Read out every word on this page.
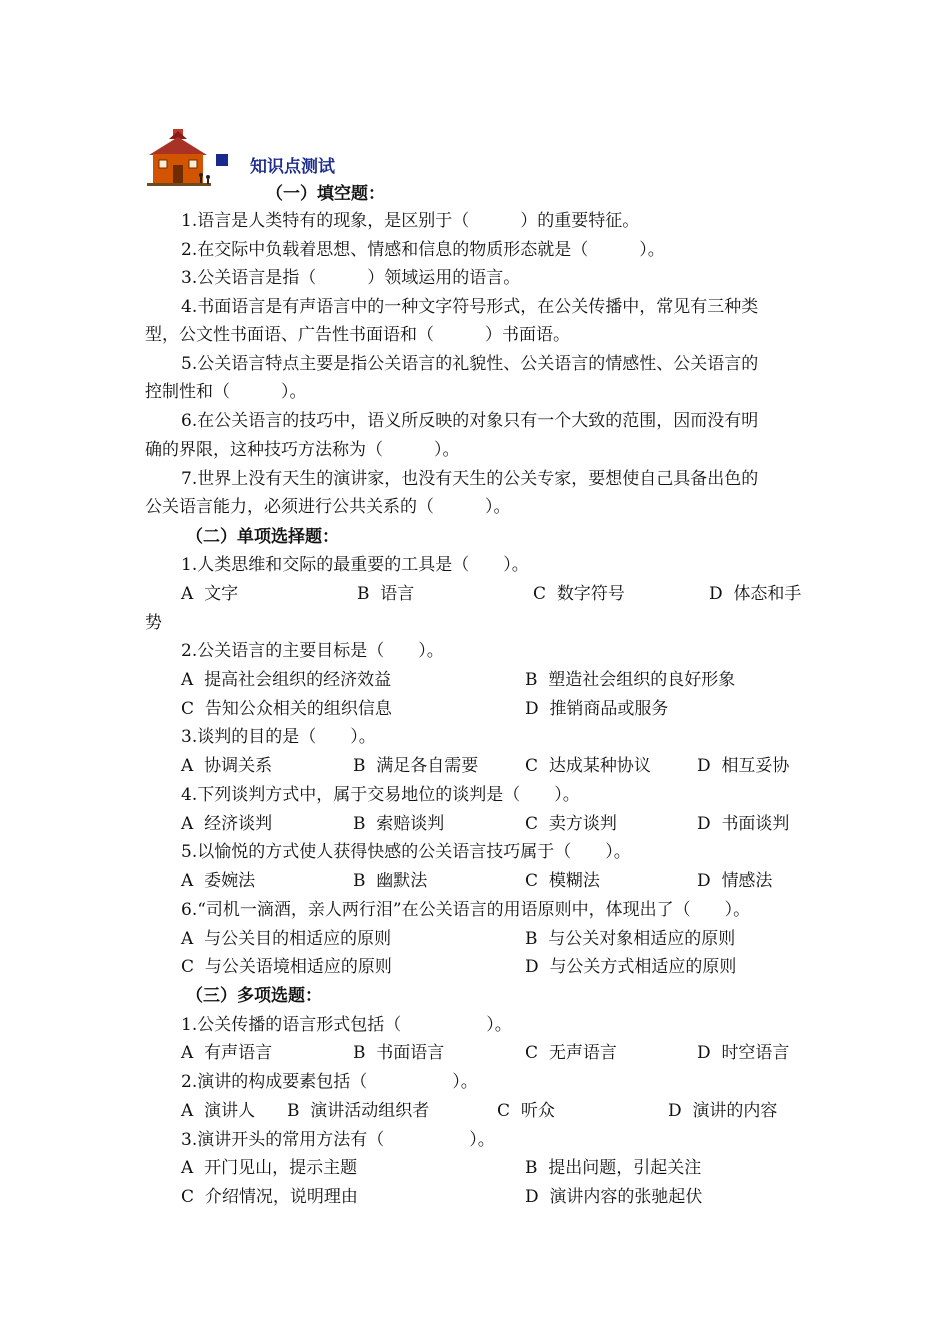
知识点测试
（一）填空题：
1.语言是人类特有的现象，是区别于（　　　）的重要特征。
2.在交际中负载着思想、情感和信息的物质形态就是（　　　）。
3.公关语言是指（　　　）领域运用的语言。
4.书面语言是有声语言中的一种文字符号形式，在公关传播中，常见有三种类
型，公文性书面语、广告性书面语和（　　　）书面语。
5.公关语言特点主要是指公关语言的礼貌性、公关语言的情感性、公关语言的
控制性和（　　　）。
6.在公关语言的技巧中，语义所反映的对象只有一个大致的范围，因而没有明
确的界限，这种技巧方法称为（　　　）。
7.世界上没有天生的演讲家，也没有天生的公关专家，要想使自己具备出色的
公关语言能力，必须进行公共关系的（　　　）。
（二）单项选择题：
1.人类思维和交际的最重要的工具是（　　）。
A  文字	B  语言	C  数字符号	D  体态和手
势
2.公关语言的主要目标是（　　）。
A  提高社会组织的经济效益	B  塑造社会组织的良好形象
C  告知公众相关的组织信息	D  推销商品或服务
3.谈判的目的是（　　）。
A  协调关系	B  满足各自需要	C  达成某种协议	D  相互妥协
4.下列谈判方式中，属于交易地位的谈判是（　　）。
A  经济谈判	B  索赔谈判	C  卖方谈判	D  书面谈判
5.以愉悦的方式使人获得快感的公关语言技巧属于（　　）。
A  委婉法	B  幽默法	C  模糊法	D  情感法
6.“司机一滴酒，亲人两行泪”在公关语言的用语原则中，体现出了（　　）。
A  与公关目的相适应的原则	B  与公关对象相适应的原则
C  与公关语境相适应的原则	D  与公关方式相适应的原则
（三）多项选题：
1.公关传播的语言形式包括（　　　　　）。
A  有声语言	B  书面语言	C  无声语言	D  时空语言
2.演讲的构成要素包括（　　　　　）。
A  演讲人 B  演讲活动组织者	C  听众	D  演讲的内容
3.演讲开头的常用方法有（　　　　　）。
A  开门见山，提示主题	B  提出问题，引起关注
C  介绍情况，说明理由	D  演讲内容的张驰起伏
